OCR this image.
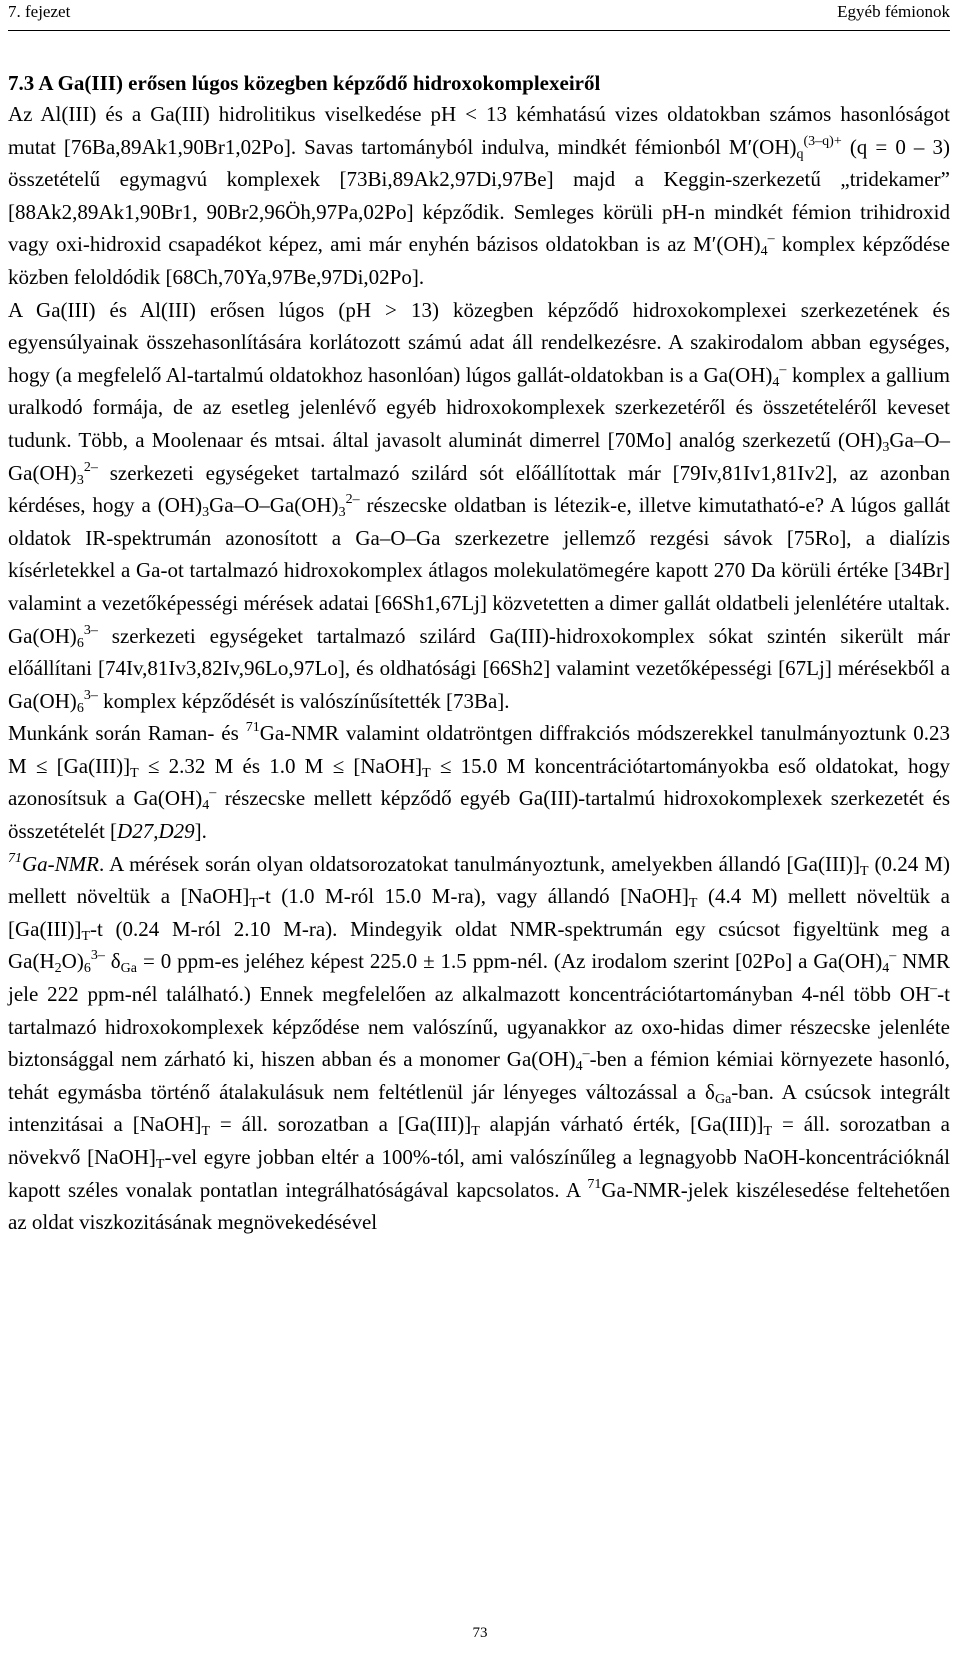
7. fejezet	Egyéb fémionok
7.3 A Ga(III) erősen lúgos közegben képződő hidroxokomplexeiről

Az Al(III) és a Ga(III) hidrolitikus viselkedése pH < 13 kémhatású vizes oldatokban számos hasonlóságot mutat [76Ba,89Ak1,90Br1,02Po]. Savas tartományból indulva, mindkét fémionból $M'(OH)_q^{(3-q)+}$ (q = 0 – 3) összetételű egymagvú komplexek [73Bi,89Ak2,97Di,97Be] majd a Keggin-szerkezetű „tridekamer” [88Ak2,89Ak1,90Br1, 90Br2,96Öh,97Pa,02Po] képződik. Semleges körüli pH-n mindkét fémion trihidroxid vagy oxi-hidroxid csapadékot képez, ami már enyhén bázisos oldatokban is az $M'(OH)_4^-$ komplex képződése közben feloldódik [68Ch,70Ya,97Be,97Di,02Po].

A Ga(III) és Al(III) erősen lúgos (pH > 13) közegben képződő hidroxokomplexei szerkezetének és egyensúlyainak összehasonlítására korlátozott számú adat áll rendelkezésre. A szakirodalom abban egységes, hogy (a megfelelő Al-tartalmú oldatokhoz hasonlóan) lúgos gallát-oldatokban is a $Ga(OH)_4^-$ komplex a gallium uralkodó formája, de az esetleg jelenlévő egyéb hidroxokomplexek szerkezetéről és összetételéről keveset tudunk. Több, a Moolenaar és mtsai. által javasolt aluminát dimerrel [70Mo] analóg szerkezetű $(OH)_3Ga-O-Ga(OH)_3^{2-}$ szerkezeti egységeket tartalmazó szilárd sót előállítottak már [79Iv,81Iv1,81Iv2], az azonban kérdéses, hogy a $(OH)_3Ga-O-Ga(OH)_3^{2-}$ részecske oldatban is létezik-e, illetve kimutatható-e? A lúgos gallát oldatok IR-spektrumán azonosított a Ga–O–Ga szerkezetre jellemző rezgési sávok [75Ro], a dialízis kísérletekkel a Ga-ot tartalmazó hidroxokomplex átlagos molekulatömegére kapott 270 Da körüli értéke [34Br] valamint a vezetőképességi mérések adatai [66Sh1,67Lj] közvetetten a dimer gallát oldatbeli jelenlétére utaltak. $Ga(OH)_6^{3-}$ szerkezeti egységeket tartalmazó szilárd Ga(III)-hidroxokomplex sókat szintén sikerült már előállítani [74Iv,81Iv3,82Iv,96Lo,97Lo], és oldhatósági [66Sh2] valamint vezetőképességi [67Lj] mérésekből a $Ga(OH)_6^{3-}$ komplex képződését is valószínűsítették [73Ba].

Munkánk során Raman- és $^{71}$Ga-NMR valamint oldatröntgen diffrakciós módszerekkel tanulmányoztunk 0.23 $M \le [Ga(III)]_T \le 2.32$ M és 1.0 $M \le [NaOH]_T \le 15.0$ M koncentrációtartományokba eső oldatokat, hogy azonosítsuk a $Ga(OH)_4^-$ részecske mellett képződő egyéb Ga(III)-tartalmú hidroxokomplexek szerkezetét és összetételét [D27,D29].

$^{71}$Ga-NMR. A mérések során olyan oldatsorozatokat tanulmányoztunk, amelyekben állandó $[Ga(III)]_T$ (0.24 M) mellett növeltük a $[NaOH]_T-t$ (1.0 M-ról 15.0 M-ra), vagy állandó $[NaOH]_T$ (4.4 M) mellett növeltük a $[Ga(III)]_T-t$ (0.24 M-ról 2.10 M-ra). Mindegyik oldat NMR-spektrumán egy csúcsot figyeltünk meg a $Ga(H_2O)_6^{3-}$ $\delta_{Ga} = 0$ ppm-es jeléhez képest 225.0 ± 1.5 ppm-nél. (Az irodalom szerint [02Po] a $Ga(OH)_4^-$ NMR jele 222 ppm-nél található.) Ennek megfelelően az alkalmazott koncentrációtartományban 4-nél több OH–-t tartalmazó hidroxokomplexek képződése nem valószínű, ugyanakkor az oxo-hidas dimer részecske jelenléte biztonsággal nem zárható ki, hiszen abban és a monomer $Ga(OH)_4^-$-ben a fémion kémiai környezete hasonló, tehát egymásba történő átalakulásuk nem feltétlenül jár lényeges változással a $\delta_{Ga}$-ban. A csúcsok integrált intenzitásai a $[NaOH]_T$ = áll. sorozatban a $[Ga(III)]_T$ alapján várható érték, $[Ga(III)]_T$ = áll. sorozatban a növekvő $[NaOH]_T$-vel egyre jobban eltér a 100%-tól, ami valószínűleg a legnagyobb NaOH-koncentrációknál kapott széles vonalak pontatlan integrálhatóságával kapcsolatos. A $^{71}$Ga-NMR-jelek kiszélesedése feltehetően az oldat viszkozitásának megnövekedésével

73
